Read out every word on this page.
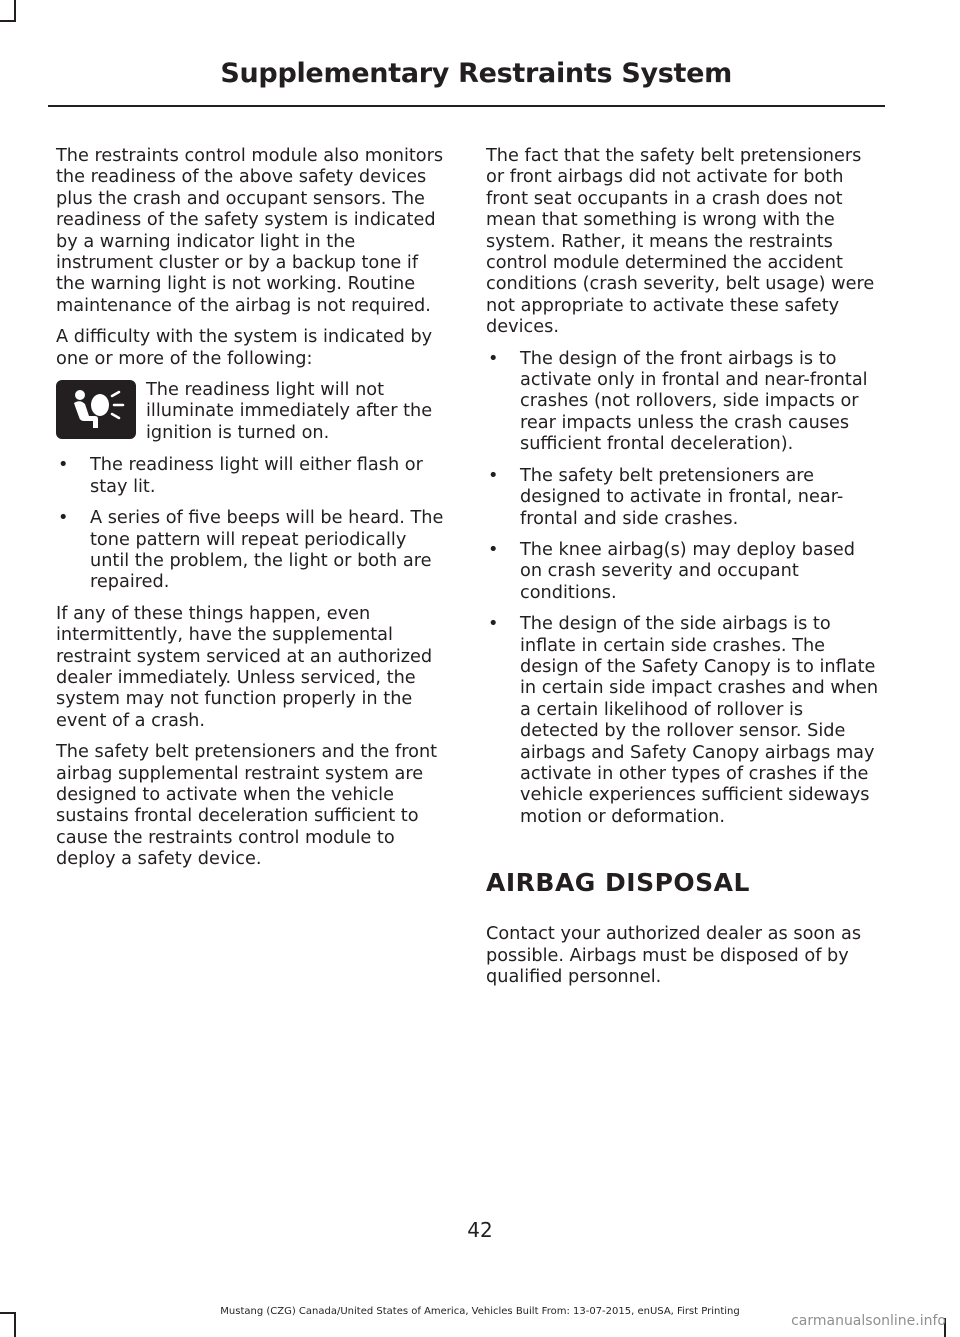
Supplementary Restraints System

The restraints control module also monitors the readiness of the above safety devices plus the crash and occupant sensors. The readiness of the safety system is indicated by a warning indicator light in the instrument cluster or by a backup tone if the warning light is not working. Routine maintenance of the airbag is not required.

A difficulty with the system is indicated by one or more of the following:

The readiness light will not illuminate immediately after the ignition is turned on.
• The readiness light will either flash or stay lit.
• A series of five beeps will be heard. The tone pattern will repeat periodically until the problem, the light or both are repaired.

If any of these things happen, even intermittently, have the supplemental restraint system serviced at an authorized dealer immediately. Unless serviced, the system may not function properly in the event of a crash.

The safety belt pretensioners and the front airbag supplemental restraint system are designed to activate when the vehicle sustains frontal deceleration sufficient to cause the restraints control module to deploy a safety device.

The fact that the safety belt pretensioners or front airbags did not activate for both front seat occupants in a crash does not mean that something is wrong with the system. Rather, it means the restraints control module determined the accident conditions (crash severity, belt usage) were not appropriate to activate these safety devices.

• The design of the front airbags is to activate only in frontal and near-frontal crashes (not rollovers, side impacts or rear impacts unless the crash causes sufficient frontal deceleration).
• The safety belt pretensioners are designed to activate in frontal, near-frontal and side crashes.
• The knee airbag(s) may deploy based on crash severity and occupant conditions.
• The design of the side airbags is to inflate in certain side crashes. The design of the Safety Canopy is to inflate in certain side impact crashes and when a certain likelihood of rollover is detected by the rollover sensor. Side airbags and Safety Canopy airbags may activate in other types of crashes if the vehicle experiences sufficient sideways motion or deformation.
AIRBAG DISPOSAL

Contact your authorized dealer as soon as possible. Airbags must be disposed of by qualified personnel.

42
Mustang (CZG) Canada/United States of America, Vehicles Built From: 13-07-2015, enUSA, First Printing
carmanualsonline.info
